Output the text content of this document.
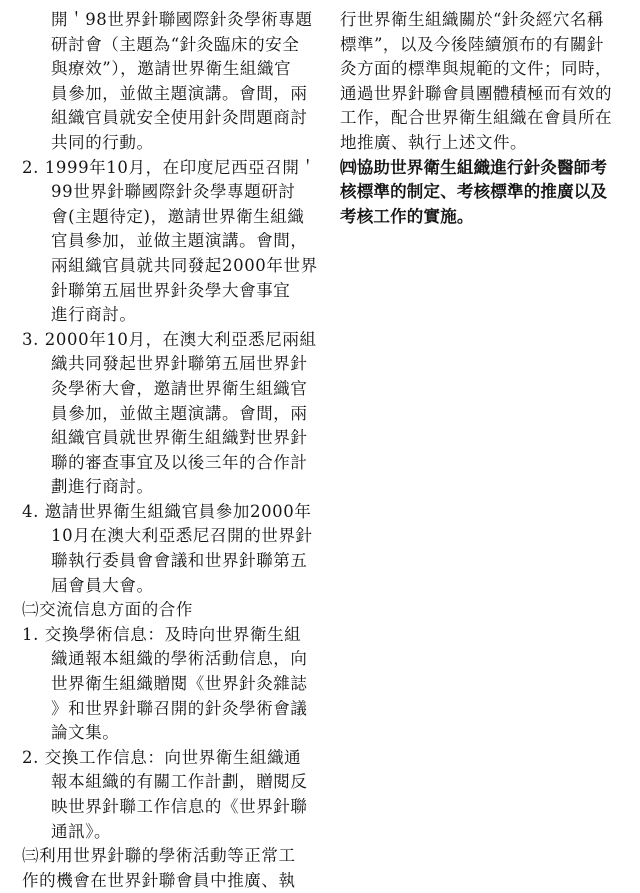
開＇98世界針聯國際針灸學術專題
研討會（主題為“針灸臨床的安全
與療效”），邀請世界衛生組織官
員參加，並做主題演講。會間，兩
組織官員就安全使用針灸問題商討
共同的行動。
2. 1999年10月，在印度尼西亞召開＇
99世界針聯國際針灸學專題研討
會(主題待定)，邀請世界衛生組織
官員參加，並做主題演講。會間，
兩組織官員就共同發起2000年世界
針聯第五屆世界針灸學大會事宜
進行商討。
3. 2000年10月，在澳大利亞悉尼兩組
織共同發起世界針聯第五屆世界針
灸學術大會，邀請世界衛生組織官
員參加，並做主題演講。會間，兩
組織官員就世界衛生組織對世界針
聯的審查事宜及以後三年的合作計
劃進行商討。
4. 邀請世界衛生組織官員參加2000年
10月在澳大利亞悉尼召開的世界針
聯執行委員會會議和世界針聯第五
屆會員大會。
㈡交流信息方面的合作
1. 交換學術信息：及時向世界衛生組
織通報本組織的學術活動信息，向
世界衛生組織贈閱《世界針灸雜誌
》和世界針聯召開的針灸學術會議
論文集。
2. 交換工作信息：向世界衛生組織通
報本組織的有關工作計劃，贈閱反
映世界針聯工作信息的《世界針聯
通訊》。
㈢利用世界針聯的學術活動等正常工
作的機會在世界針聯會員中推廣、執
行世界衛生組織關於“針灸經穴名稱
標準”，以及今後陸續頒布的有關針
灸方面的標準與規範的文件；同時，
通過世界針聯會員團體積極而有效的
工作，配合世界衛生組織在會員所在
地推廣、執行上述文件。
㈣協助世界衛生組織進行針灸醫師考
核標準的制定、考核標準的推廣以及
考核工作的實施。
